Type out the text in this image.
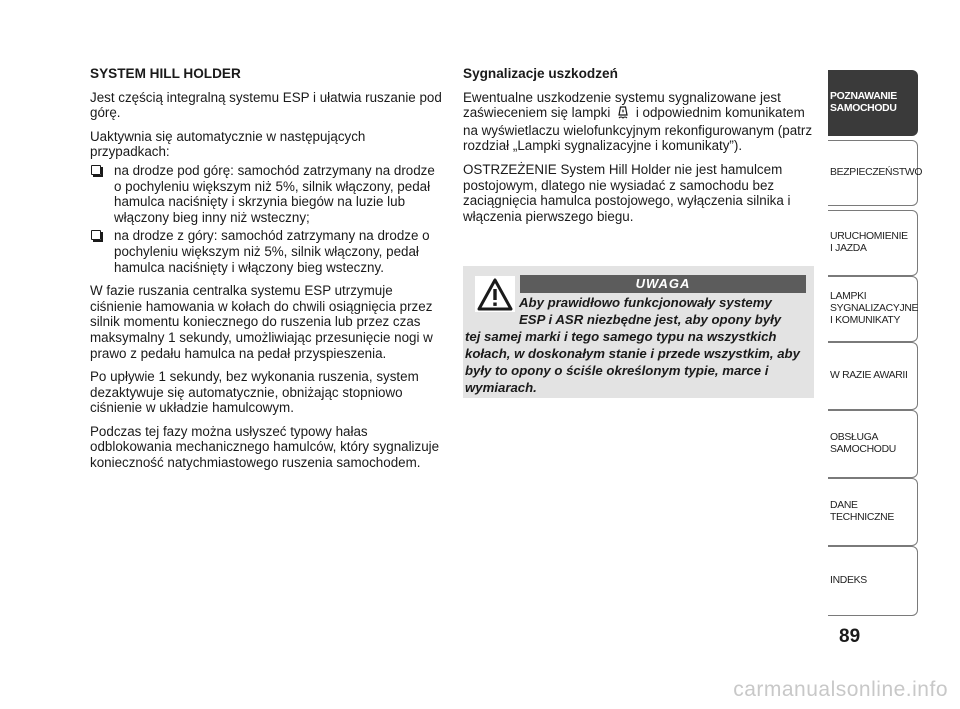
SYSTEM HILL HOLDER
Jest częścią integralną systemu ESP i ułatwia ruszanie pod górę.
Uaktywnia się automatycznie w następujących przypadkach:
na drodze pod górę: samochód zatrzymany na drodze o pochyleniu większym niż 5%, silnik włączony, pedał hamulca naciśnięty i skrzynia biegów na luzie lub włączony bieg inny niż wsteczny;
na drodze z góry: samochód zatrzymany na drodze o pochyleniu większym niż 5%, silnik włączony, pedał hamulca naciśnięty i włączony bieg wsteczny.
W fazie ruszania centralka systemu ESP utrzymuje ciśnienie hamowania w kołach do chwili osiągnięcia przez silnik momentu koniecznego do ruszenia lub przez czas maksymalny 1 sekundy, umożliwiając przesunięcie nogi w prawo z pedału hamulca na pedał przyspieszenia.
Po upływie 1 sekundy, bez wykonania ruszenia, system dezaktywuje się automatycznie, obniżając stopniowo ciśnienie w układzie hamulcowym.
Podczas tej fazy można usłyszeć typowy hałas odblokowania mechanicznego hamulców, który sygnalizuje konieczność natychmiastowego ruszenia samochodem.
Sygnalizacje uszkodzeń
Ewentualne uszkodzenie systemu sygnalizowane jest zaświeceniem się lampki i odpowiednim komunikatem na wyświetlaczu wielofunkcyjnym rekonfigurowanym (patrz rozdział „Lampki sygnalizacyjne i komunikaty”).
OSTRZEŻENIE System Hill Holder nie jest hamulcem postojowym, dlatego nie wysiadać z samochodu bez zaciągnięcia hamulca postojowego, wyłączenia silnika i włączenia pierwszego biegu.
UWAGA
Aby prawidłowo funkcjonowały systemy
ESP i ASR niezbędne jest, aby opony były
tej samej marki i tego samego typu na wszystkich kołach, w doskonałym stanie i przede wszystkim, aby były to opony o ściśle określonym typie, marce i wymiarach.
POZNAWANIE
SAMOCHODU
BEZPIECZEŃSTWO
URUCHOMIENIE
I JAZDA
LAMPKI
SYGNALIZACYJNE
I KOMUNIKATY
W RAZIE AWARII
OBSŁUGA
SAMOCHODU
DANE
TECHNICZNE
INDEKS
89
carmanualsonline.info
